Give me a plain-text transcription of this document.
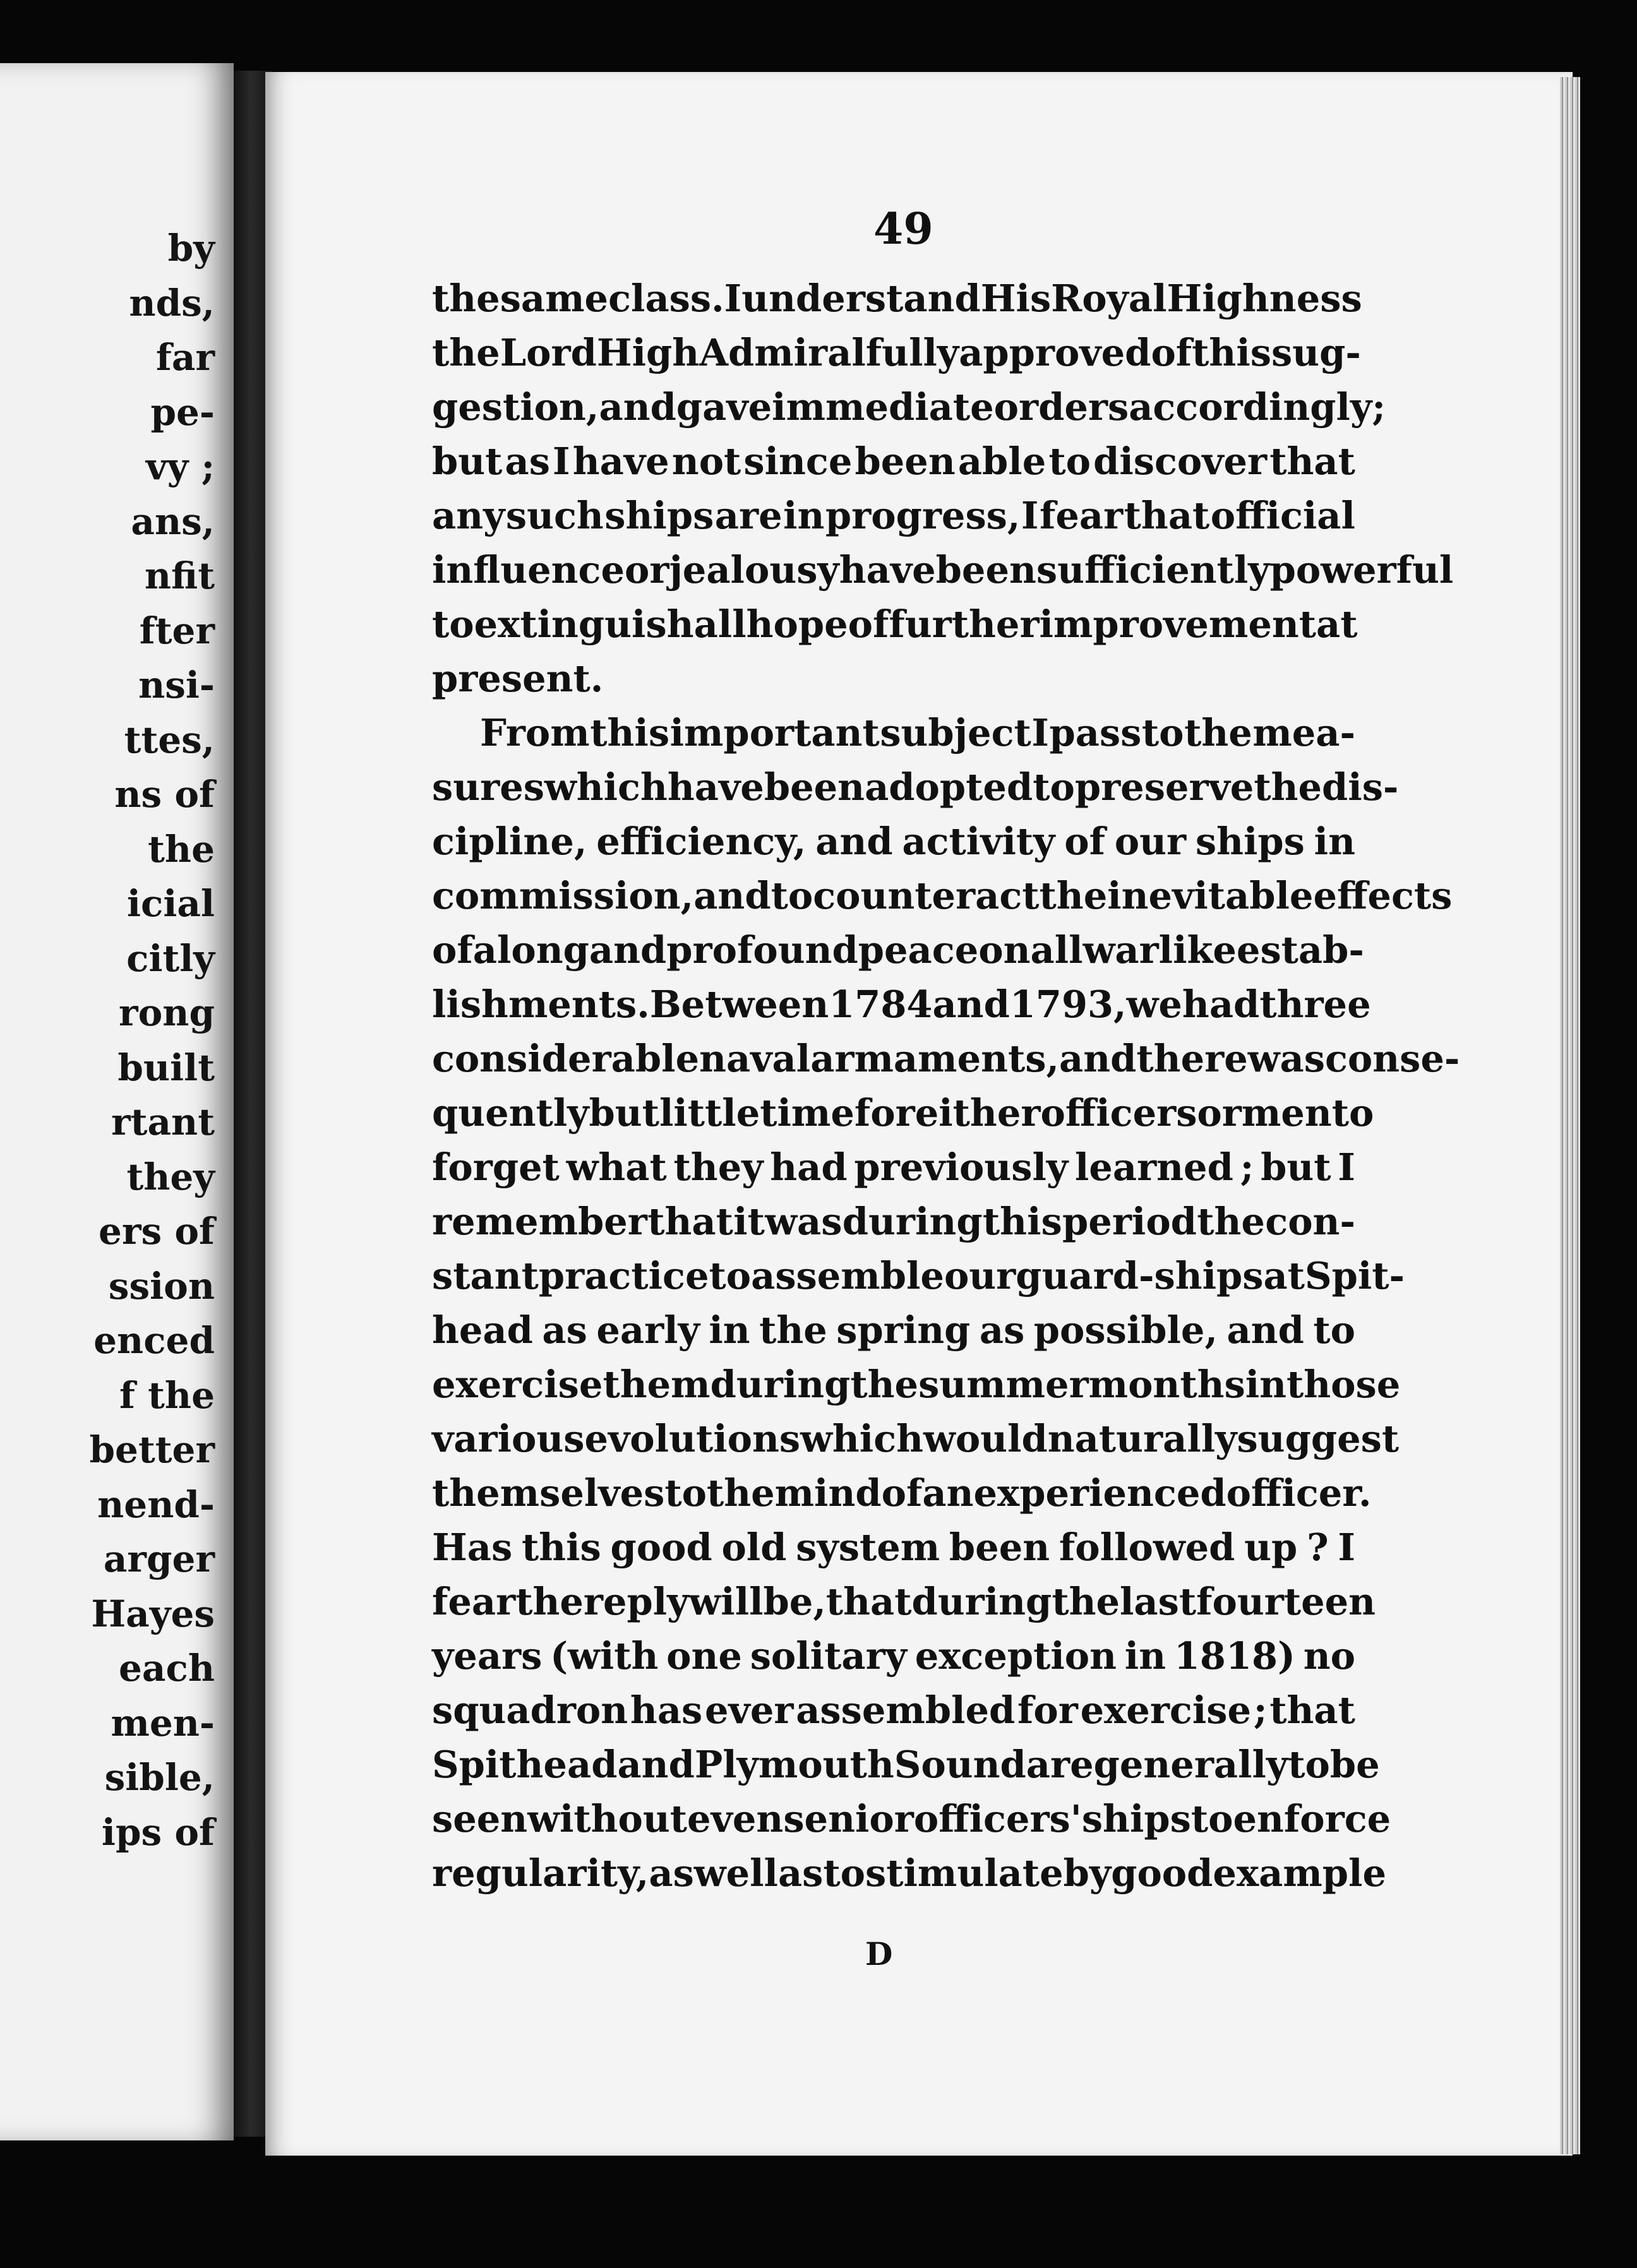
by
nds,
far
pe-
vy ;
ans,
nfit
fter
nsi-
ttes,
ns of
the
icial
citly
rong
built
rtant
they
ers of
ssion
enced
f the
better
nend-
arger
Hayes
each
men-
sible,
ips of
49
the same class. I understand His Royal Highness
the Lord High Admiral fully approved of this sug-
gestion, and gave immediate orders accordingly ;
but as I have not since been able to discover that
any such ships are in progress, I fear that official
influence or jealousy have been sufficiently powerful
to extinguish all hope of further improvement at
present.
From this important subject I pass to the mea-
sures which have been adopted to preserve the dis-
cipline, efficiency, and activity of our ships in
commission, and to counteract the inevitable effects
of a long and profound peace on all warlike estab-
lishments. Between 1784 and 1793, we had three
considerable naval armaments, and there was conse-
quently but little time for either officers or men to
forget what they had previously learned ; but I
remember that it was during this period the con-
stant practice to assemble our guard-ships at Spit-
head as early in the spring as possible, and to
exercise them during the summer months in those
various evolutions which would naturally suggest
themselves to the mind of an experienced officer.
Has this good old system been followed up ? I
fear the reply will be, that during the last fourteen
years (with one solitary exception in 1818) no
squadron has ever assembled for exercise ; that
Spithead and Plymouth Sound are generally to be
seen without even senior officers' ships to enforce
regularity, as well as to stimulate by good example
D
